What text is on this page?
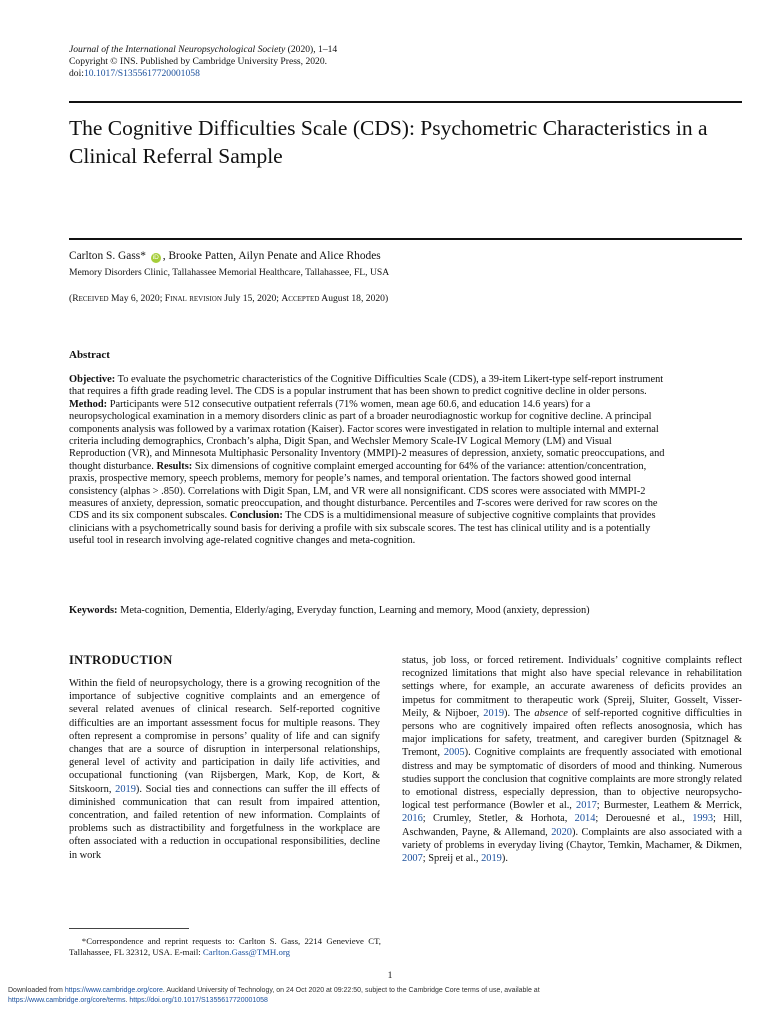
Journal of the International Neuropsychological Society (2020), 1–14
Copyright © INS. Published by Cambridge University Press, 2020.
doi:10.1017/S1355617720001058
The Cognitive Difficulties Scale (CDS): Psychometric Characteristics in a Clinical Referral Sample
Carlton S. Gass* iD , Brooke Patten, Ailyn Penate and Alice Rhodes
Memory Disorders Clinic, Tallahassee Memorial Healthcare, Tallahassee, FL, USA
(Received May 6, 2020; Final revision July 15, 2020; Accepted August 18, 2020)
Abstract
Objective: To evaluate the psychometric characteristics of the Cognitive Difficulties Scale (CDS), a 39-item Likert-type self-report instrument that requires a fifth grade reading level. The CDS is a popular instrument that has been shown to predict cognitive decline in older persons. Method: Participants were 512 consecutive outpatient referrals (71% women, mean age 60.6, and education 14.6 years) for a neuropsychological examination in a memory disorders clinic as part of a broader neurodiagnostic workup for cognitive decline. A principal components analysis was followed by a varimax rotation (Kaiser). Factor scores were investigated in relation to multiple internal and external criteria including demographics, Cronbach’s alpha, Digit Span, and Wechsler Memory Scale-IV Logical Memory (LM) and Visual Reproduction (VR), and Minnesota Multiphasic Personality Inventory (MMPI)-2 measures of depression, anxiety, somatic preoccupations, and thought disturbance. Results: Six dimensions of cognitive complaint emerged accounting for 64% of the variance: attention/concentration, praxis, prospective memory, speech problems, memory for people’s names, and temporal orientation. The factors showed good internal consistency (alphas > .850). Correlations with Digit Span, LM, and VR were all nonsignificant. CDS scores were associated with MMPI-2 measures of anxiety, depression, somatic preoccupation, and thought disturbance. Percentiles and T-scores were derived for raw scores on the CDS and its six component subscales. Conclusion: The CDS is a multidimensional measure of subjective cognitive complaints that provides clinicians with a psychometrically sound basis for deriving a profile with six subscale scores. The test has clinical utility and is a potentially useful tool in research involving age-related cognitive changes and meta-cognition.
Keywords: Meta-cognition, Dementia, Elderly/aging, Everyday function, Learning and memory, Mood (anxiety, depression)
INTRODUCTION
Within the field of neuropsychology, there is a growing recognition of the importance of subjective cognitive complaints and an emergence of several related avenues of clinical research. Self-reported cognitive difficulties are an important assessment focus for multiple reasons. They often represent a compromise in persons’ quality of life and can signify changes that are a source of disruption in interpersonal relationships, general level of activity and participation in daily life activities, and occupational functioning (van Rijsbergen, Mark, Kop, de Kort, & Sitskoorn, 2019). Social ties and connections can suffer the ill effects of diminished communication that can result from impaired attention, concentration, and failed retention of new information. Complaints of problems such as distractibility and forgetfulness in the workplace are often associated with a reduction in occupational responsibilities, decline in work
status, job loss, or forced retirement. Individuals’ cognitive complaints reflect recognized limitations that might also have special relevance in rehabilitation settings where, for example, an accurate awareness of deficits provides an impetus for commitment to therapeutic work (Spreij, Sluiter, Gosselt, Visser-Meily, & Nijboer, 2019). The absence of self-reported cognitive difficulties in persons who are cognitively impaired often reflects anosognosia, which has major implications for safety, treatment, and caregiver burden (Spitznagel & Tremont, 2005). Cognitive complaints are frequently associated with emotional distress and may be symptomatic of disorders of mood and thinking. Numerous studies support the conclusion that cognitive complaints are more strongly related to emotional distress, especially depression, than to objective neuropsycho-logical test performance (Bowler et al., 2017; Burmester, Leathem & Merrick, 2016; Crumley, Stetler, & Horhota, 2014; Derouesné et al., 1993; Hill, Aschwanden, Payne, & Allemand, 2020). Complaints are also associated with a variety of problems in everyday living (Chaytor, Temkin, Machamer, & Dikmen, 2007; Spreij et al., 2019).
*Correspondence and reprint requests to: Carlton S. Gass, 2214 Genevieve CT, Tallahassee, FL 32312, USA. E-mail: Carlton.Gass@TMH.org
1
Downloaded from https://www.cambridge.org/core. Auckland University of Technology, on 24 Oct 2020 at 09:22:50, subject to the Cambridge Core terms of use, available at
https://www.cambridge.org/core/terms. https://doi.org/10.1017/S1355617720001058
